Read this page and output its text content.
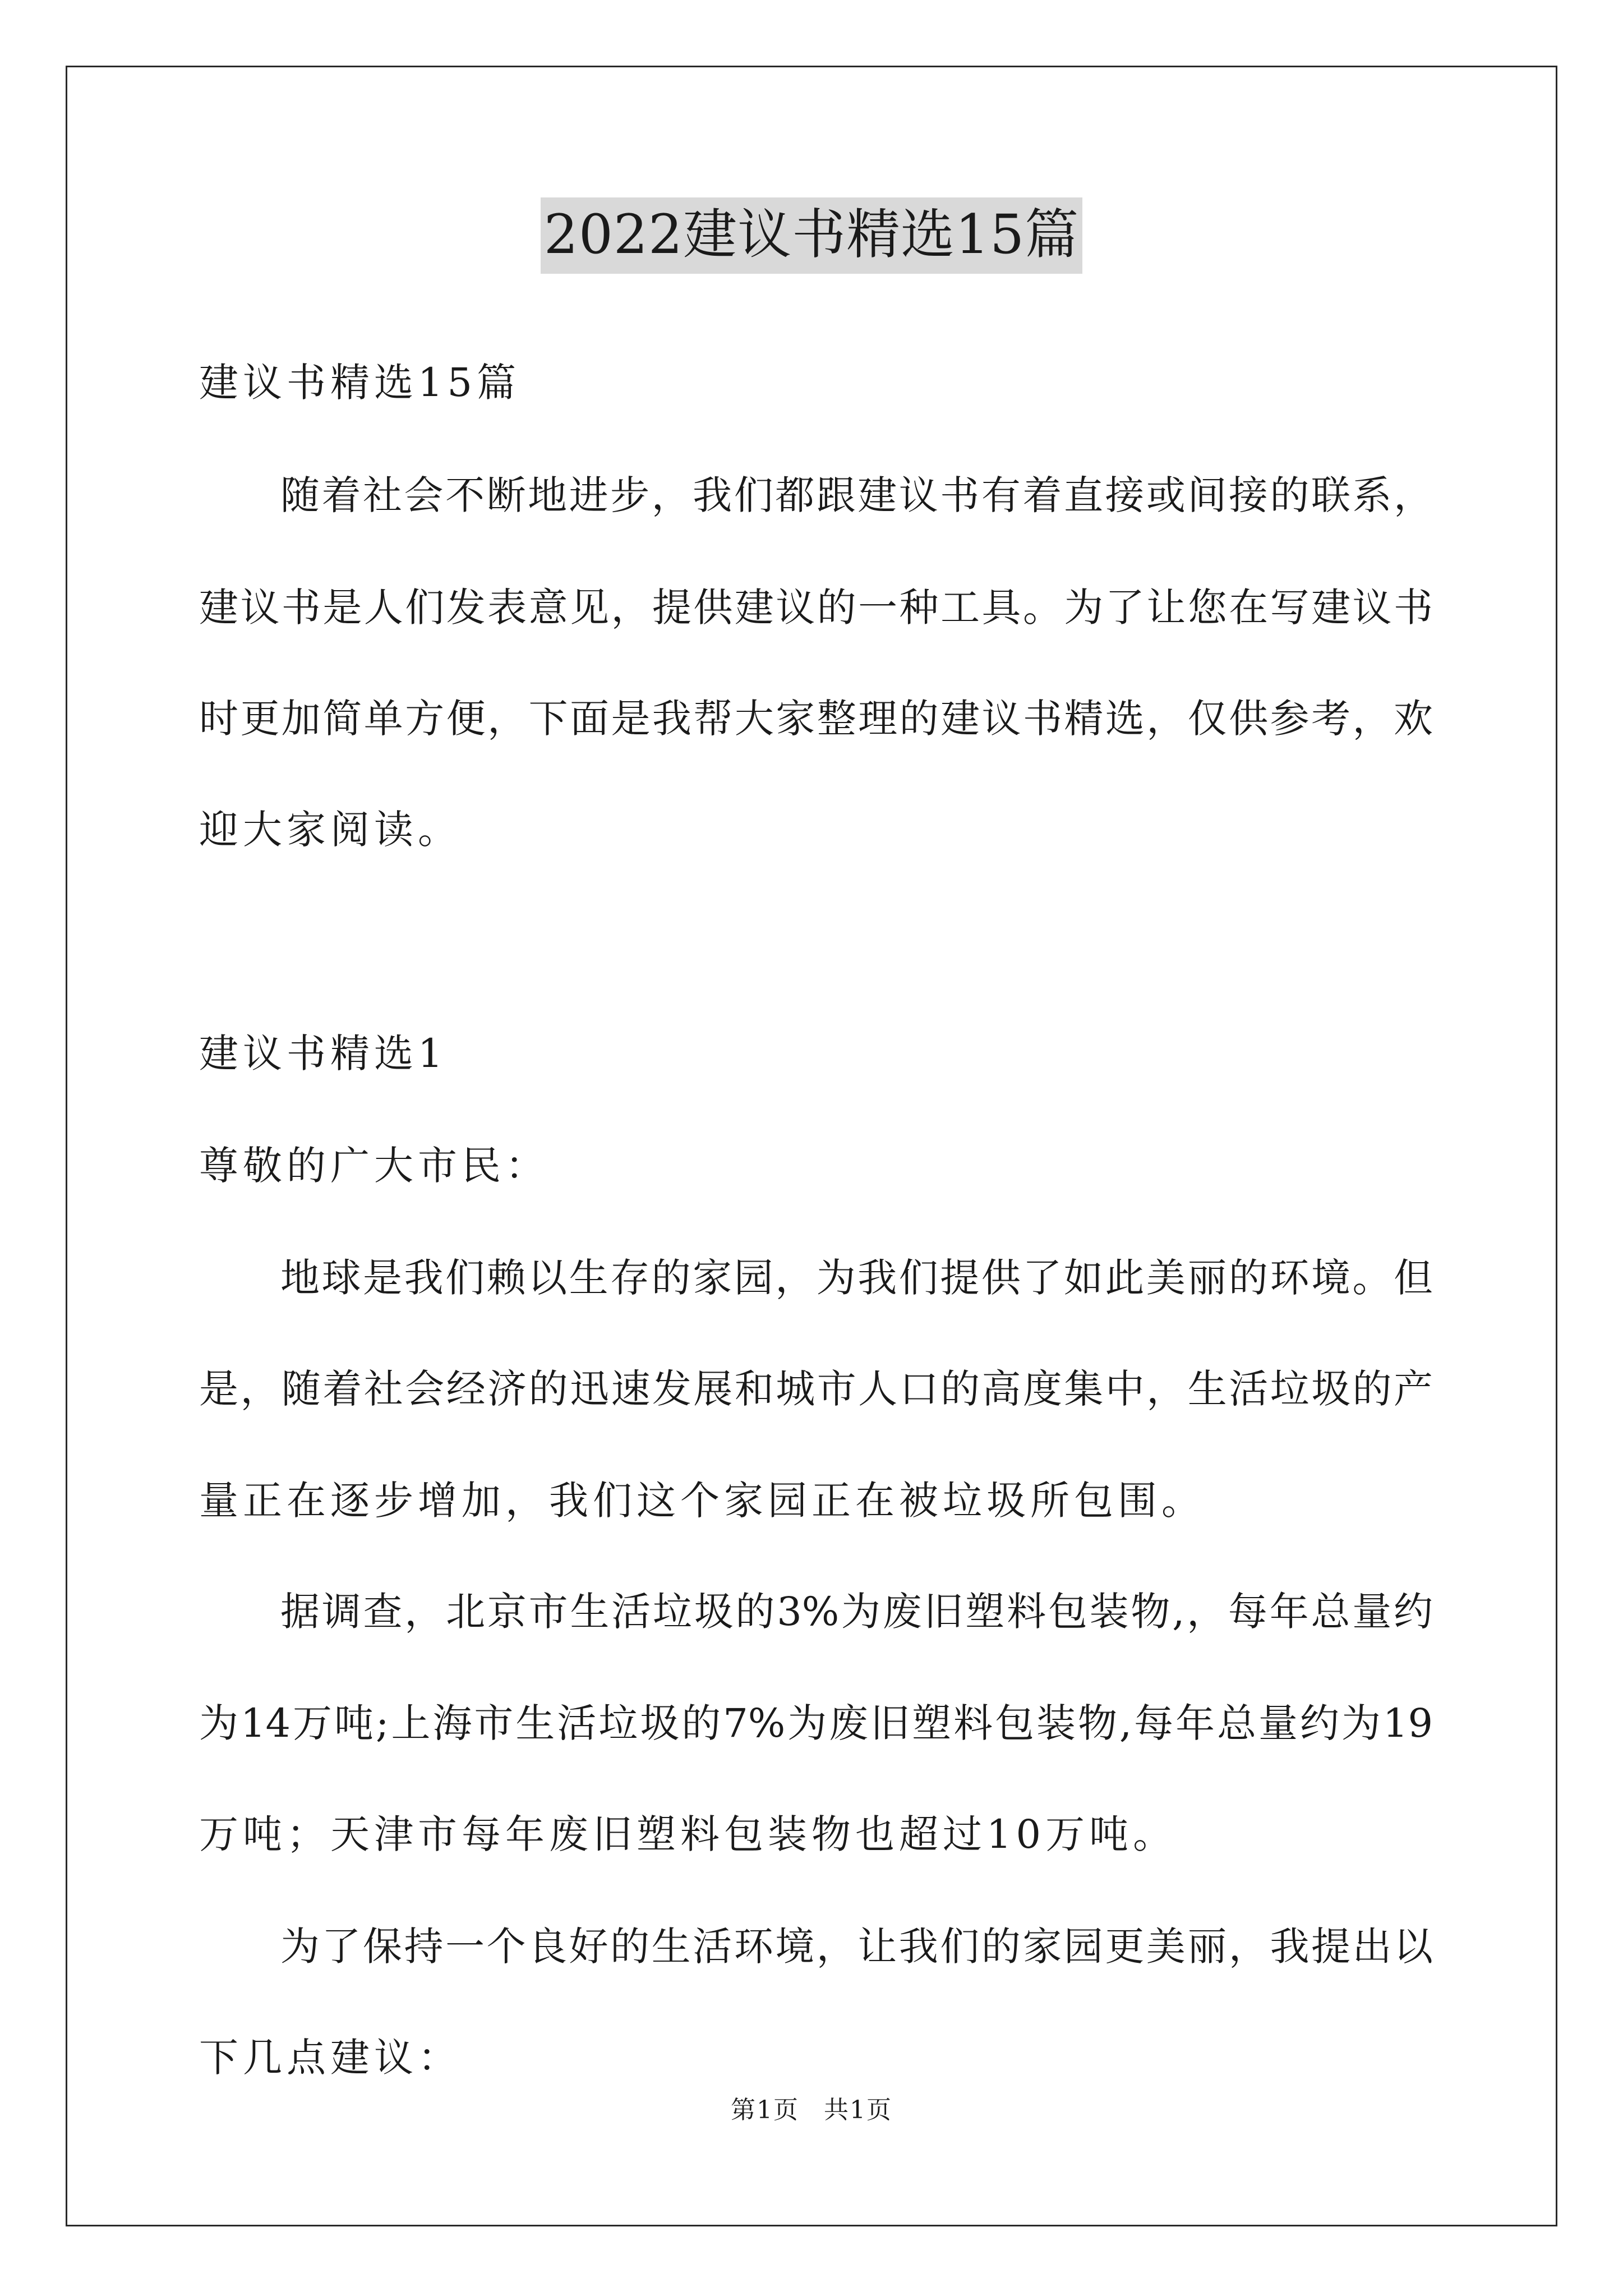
2022建议书精选15篇
建议书精选15篇
随着社会不断地进步，我们都跟建议书有着直接或间接的联系，
建议书是人们发表意见，提供建议的一种工具。为了让您在写建议书
时更加简单方便，下面是我帮大家整理的建议书精选，仅供参考，欢
迎大家阅读。
建议书精选1
尊敬的广大市民：
地球是我们赖以生存的家园，为我们提供了如此美丽的环境。但
是，随着社会经济的迅速发展和城市人口的高度集中，生活垃圾的产
量正在逐步增加，我们这个家园正在被垃圾所包围。
据调查，北京市生活垃圾的3%为废旧塑料包装物,，每年总量约
为14万吨;上海市生活垃圾的7%为废旧塑料包装物,每年总量约为19
万吨；天津市每年废旧塑料包装物也超过10万吨。
为了保持一个良好的生活环境，让我们的家园更美丽，我提出以
下几点建议：
第1页 共1页
